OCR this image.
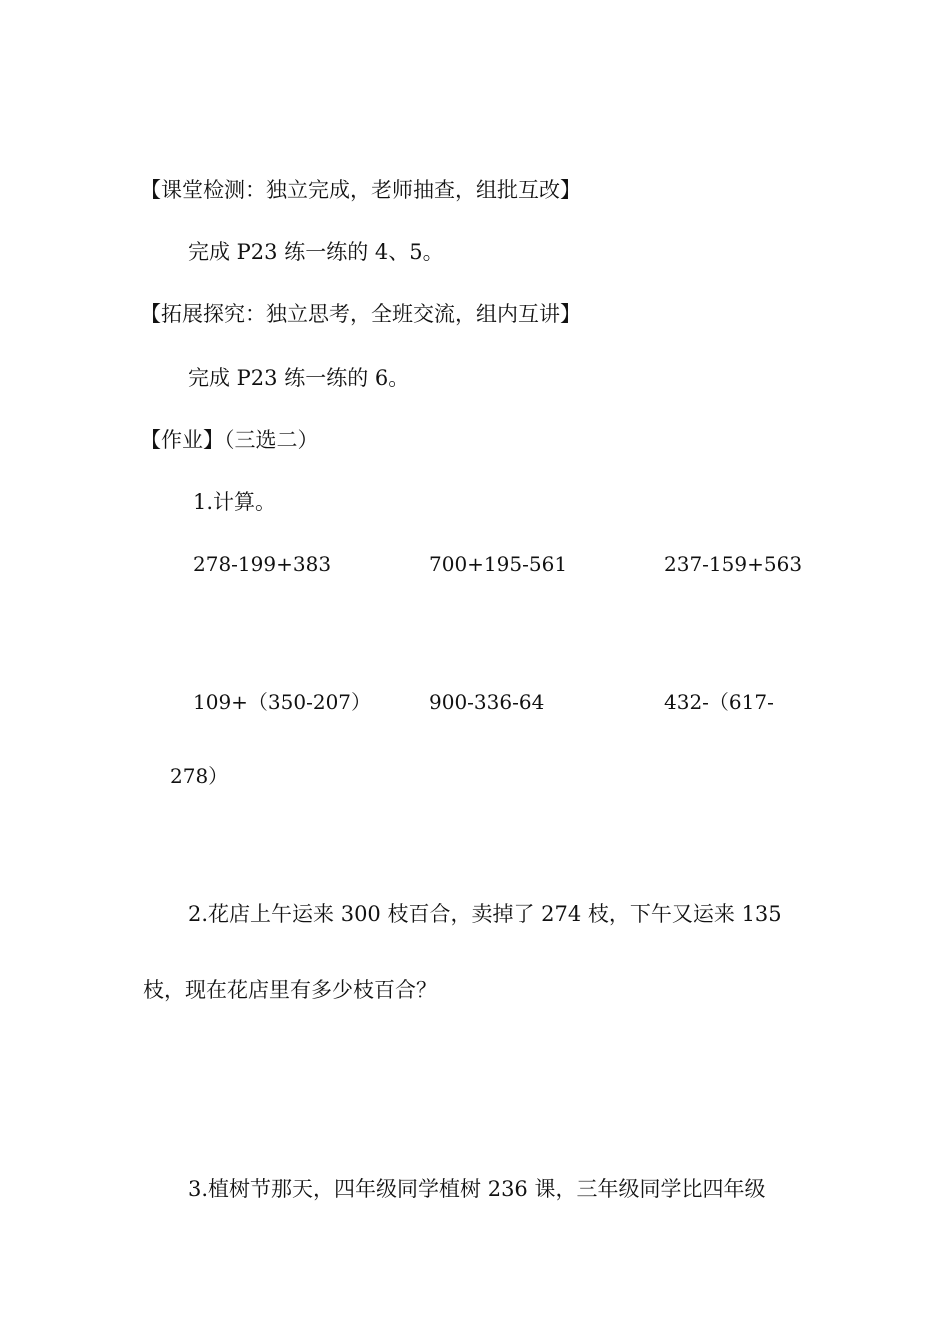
【课堂检测：独立完成，老师抽查，组批互改】
完成 P23 练一练的 4、5。
【拓展探究：独立思考，全班交流，组内互讲】
完成 P23 练一练的 6。
【作业】（三选二）
1.计算。
278-199+383	700+195-561	237-159+563
109+（350-207）	900-336-64	432-（617-
278）
2.花店上午运来 300 枝百合，卖掉了 274 枝，下午又运来 135
枝，现在花店里有多少枝百合？
3.植树节那天，四年级同学植树 236 课，三年级同学比四年级
